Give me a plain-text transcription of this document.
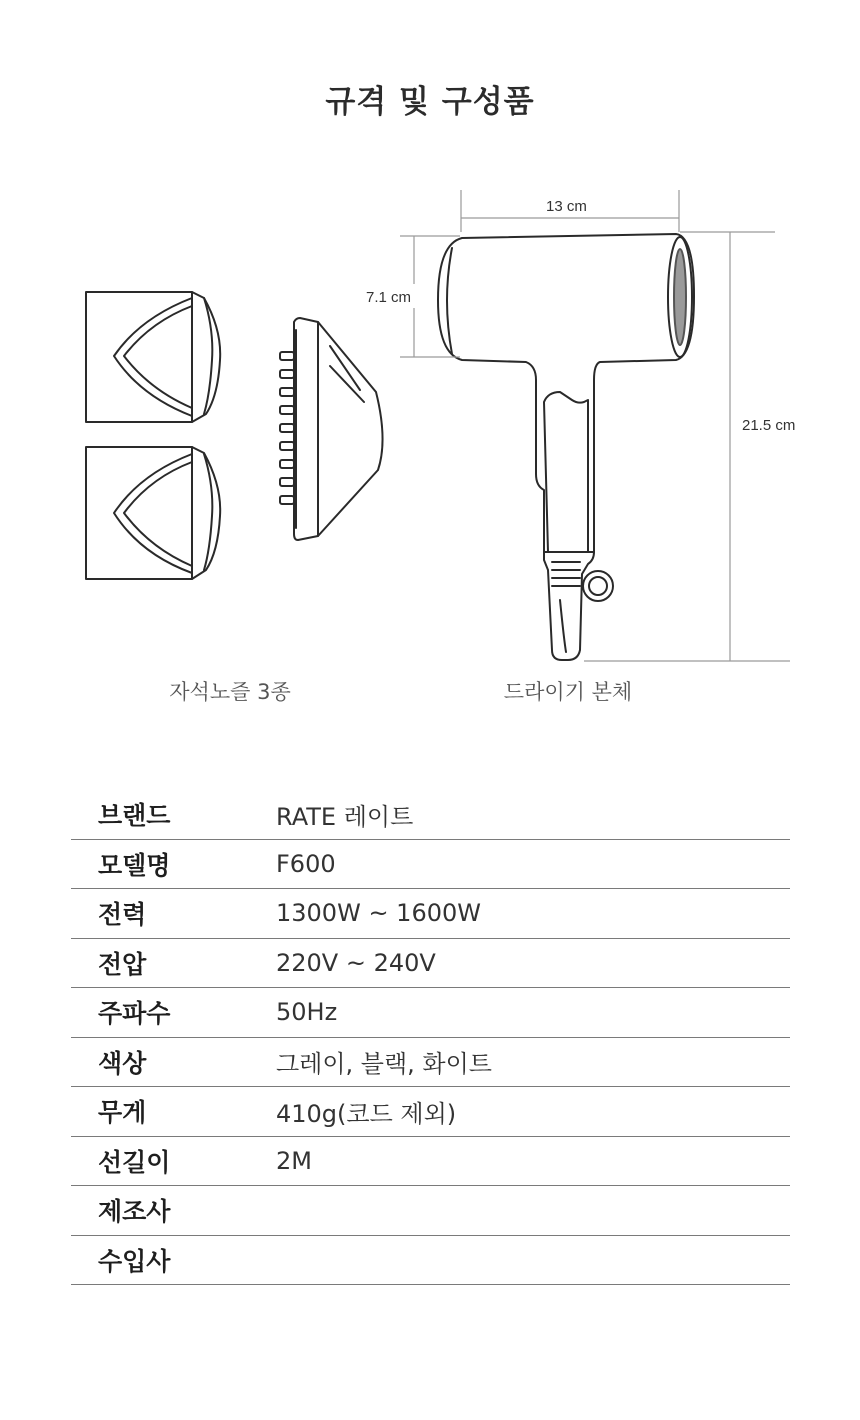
규격 및 구성품
13 cm
7.1 cm
21.5 cm
자석노즐 3종	드라이기 본체
브랜드	RATE 레이트
모델명	F600
전력	1300W ~ 1600W
전압	220V ~ 240V
주파수	50Hz
색상	그레이, 블랙, 화이트
무게	410g(코드 제외)
선길이	2M
제조사
수입사
